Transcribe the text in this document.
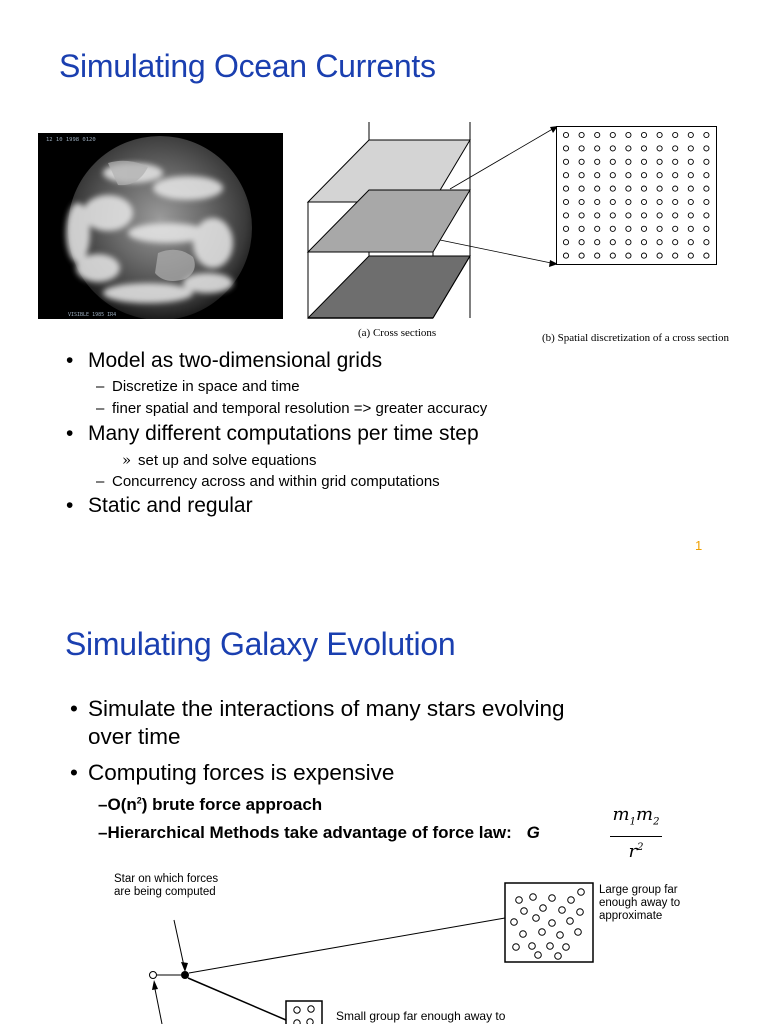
Simulating Ocean Currents
12 10 1998 0120
VISIBLE 1985 IR4
(a) Cross sections	(b) Spatial discretization of a cross section
• Model as two-dimensional grids
– Discretize in space and time
– finer spatial and temporal resolution => greater accuracy
• Many different computations per time step
» set up and solve equations
– Concurrency across and within grid computations
• Static and regular
1
Simulating Galaxy Evolution
• Simulate the interactions of many stars evolving
over time
• Computing forces is expensive
$-O(n^2)$ brute force approach
–Hierarchical Methods take advantage of force law: G
$m_1m_2$
$r^2$
Star on which forces
are being computed	Large group far
enough away to
approximate
Small group far enough away to
